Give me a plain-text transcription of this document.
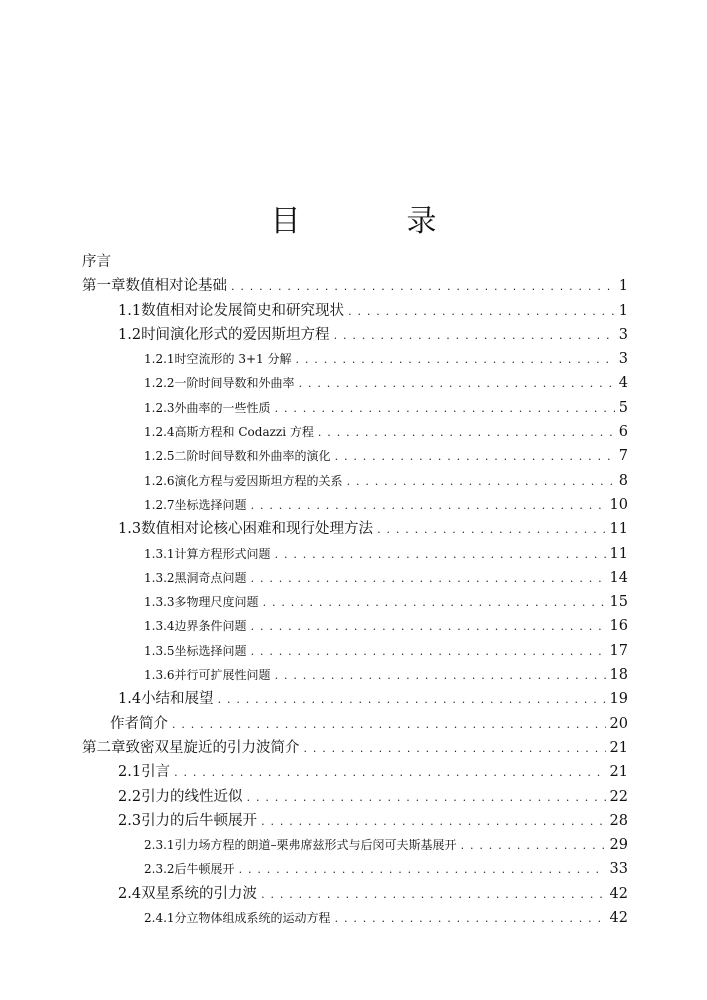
目　录
序言
第一章 数值相对论基础 . . .	1
1.1 数值相对论发展简史和研究现状 . . .	1
1.2 时间演化形式的爱因斯坦方程 . . .	3
1.2.1 时空流形的 3+1 分解 . . .	3
1.2.2 一阶时间导数和外曲率 . . .	4
1.2.3 外曲率的一些性质 . . .	5
1.2.4 高斯方程和 Codazzi 方程 . . .	6
1.2.5 二阶时间导数和外曲率的演化 . . .	7
1.2.6 演化方程与爱因斯坦方程的关系 . . .	8
1.2.7 坐标选择问题 . . .	10
1.3 数值相对论核心困难和现行处理方法 . . .	11
1.3.1 计算方程形式问题 . . .	11
1.3.2 黑洞奇点问题 . . .	14
1.3.3 多物理尺度问题 . . .	15
1.3.4 边界条件问题 . . .	16
1.3.5 坐标选择问题 . . .	17
1.3.6 并行可扩展性问题 . . .	18
1.4 小结和展望 . . .	19
作者简介 . . .	20
第二章 致密双星旋近的引力波简介 . . .	21
2.1 引言 . . .	21
2.2 引力的线性近似 . . .	22
2.3 引力的后牛顿展开 . . .	28
2.3.1 引力场方程的朗道–栗弗席兹形式与后闵可夫斯基展开 . . .	29
2.3.2 后牛顿展开 . . .	33
2.4 双星系统的引力波 . . .	42
2.4.1 分立物体组成系统的运动方程 . . .	42
